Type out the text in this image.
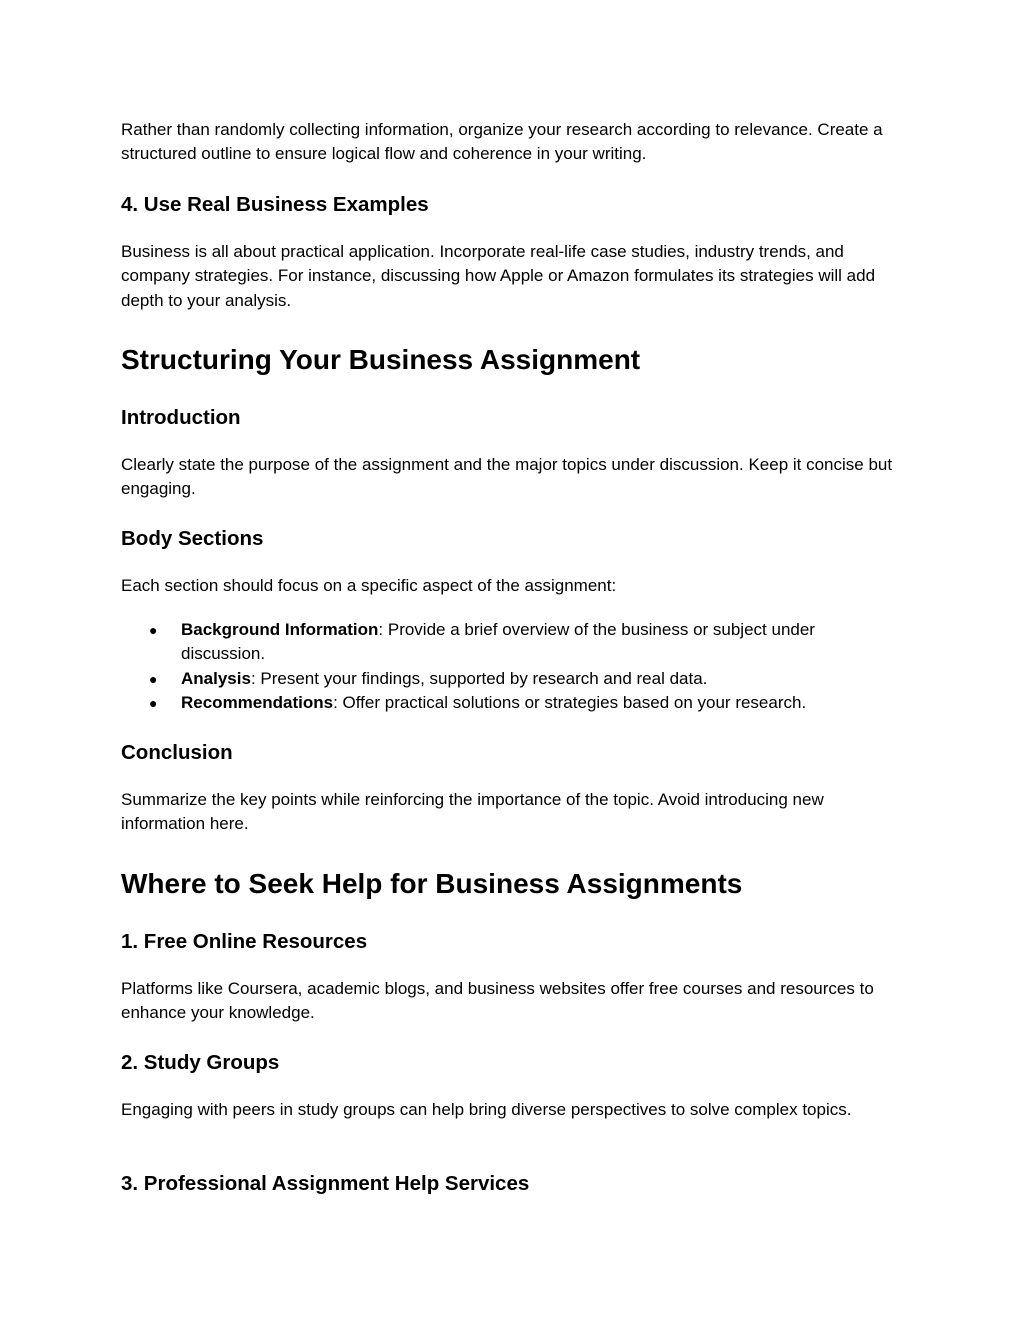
Rather than randomly collecting information, organize your research according to relevance. Create a structured outline to ensure logical flow and coherence in your writing.

4. Use Real Business Examples

Business is all about practical application. Incorporate real-life case studies, industry trends, and company strategies. For instance, discussing how Apple or Amazon formulates its strategies will add depth to your analysis.

Structuring Your Business Assignment
Introduction

Clearly state the purpose of the assignment and the major topics under discussion. Keep it concise but engaging.

Body Sections

Each section should focus on a specific aspect of the assignment:

● Background Information: Provide a brief overview of the business or subject under discussion.
● Analysis: Present your findings, supported by research and real data.
● Recommendations: Offer practical solutions or strategies based on your research.
Conclusion

Summarize the key points while reinforcing the importance of the topic. Avoid introducing new information here.

Where to Seek Help for Business Assignments
1. Free Online Resources

Platforms like Coursera, academic blogs, and business websites offer free courses and resources to enhance your knowledge.

2. Study Groups

Engaging with peers in study groups can help bring diverse perspectives to solve complex topics.

3. Professional Assignment Help Services
